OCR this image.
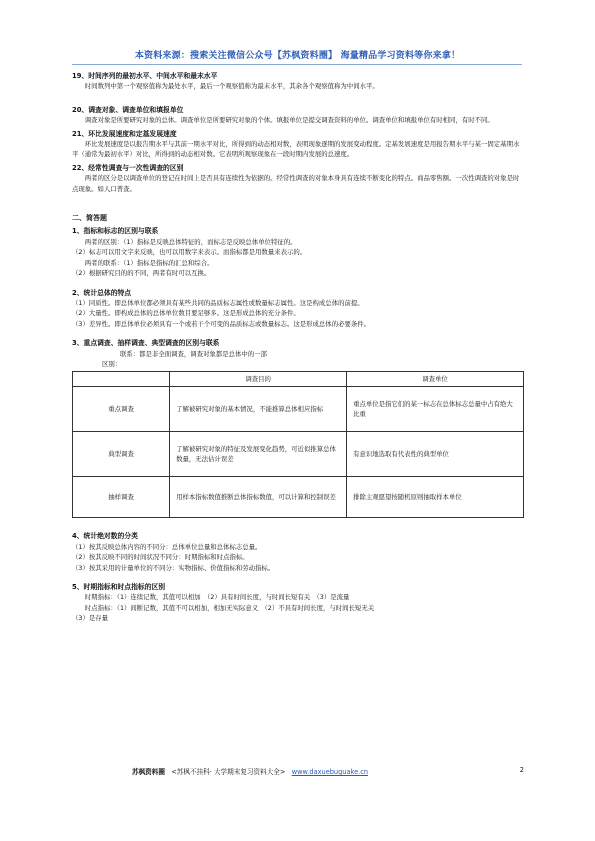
本资料来源：搜索关注微信公众号【苏枫资料圈】 海量精品学习资料等你来拿！
19、时间序列的最初水平、中间水平和最末水平
时间数列中第一个观察值称为最处水平，最后一个观察值称为最末水平，其余各个观察值称为中间水平。
20、调查对象、调查单位和填报单位
调查对象是所要研究对象的总体。调查单位是所要研究对象的个体。填报单位是提交调查资料的单位。调查单位和填报单位有时相同，有时不同。
21、环比发展速度和定基发展速度
环比发展速度是以报告期水平与其前一期水平对比，所得到的动态相对数，表明现象逐期的发展变动程度。定基发展速度是用报告期水平与某一固定基期水平（通常为最初水平）对比，所得到的动态相对数。它表明所观察现象在一段时期内发展的总速度。
22、经常性调查与一次性调查的区别
两者的区分是以调查单位的登记在时间上是否具有连续性为依据的。经常性调查的对象本身具有连续不断变化的特点。商品零售额。一次性调查的对象是时点现象。如人口普查。
二、简答题
1、指标和标志的区别与联系
两者的区别：（1）指标是反映总体特征的，而标志是反映总体单位特征的。
（2）标志可以用文字来反映，也可以用数字来表示。而指标都是用数量来表示的。
两者的联系：（1）指标是指标的汇总和综合。
（2）根据研究目的的不同，两者有时可以互换。
2、统计总体的特点
（1）同质性。即总体单位都必须具有某些共同的品质标志属性或数量标志属性。这是构成总体的前提。
（2）大量性。即构成总体的总体单位数目要足够多。这是形成总体的充分条件。
（3）差异性。即总体单位必须具有一个或若干个可变的品质标志或数量标志。这是形成总体的必要条件。
3、重点调查、抽样调查、典型调查的区别与联系
联系：都是非全面调查，调查对象都是总体中的一部
区别：
	调查目的	调查单位
重点调查	了解被研究对象的基本情况，不能推算总体相应指标	重点单位是指它们的某一标志在总体标志总量中占有绝大比重
典型调查	了解被研究对象的特征及发展变化趋势，可近似推算总体数量，无法估计误差	有意识地选取有代表性的典型单位
抽样调查	用样本指标数值推断总体指标数值，可以计算和控制误差	排除主观愿望按随机原则抽取样本单位
4、统计绝对数的分类
（1）按其反映总体内容的不同分：总体单位总量和总体标志总量。
（2）按其反映不同的时间状况不同分：时期指标和时点指标。
（3）按其采用的计量单位的不同分：实物指标、价值指标和劳动指标。
5、时期指标和时点指标的区别
时期指标：（1）连续记数，其值可以相加　（2）具有时间长度，与时间长短有关　（3）是流量
时点指标：（1）间断记数，其值不可以相加，相加无实际意义　（2）不具有时间长度，与时间长短无关
（3）是存量
苏枫资料圈 <苏枫不挂科· 大学期末复习资料大全> www.daxuebuguake.cn	2
